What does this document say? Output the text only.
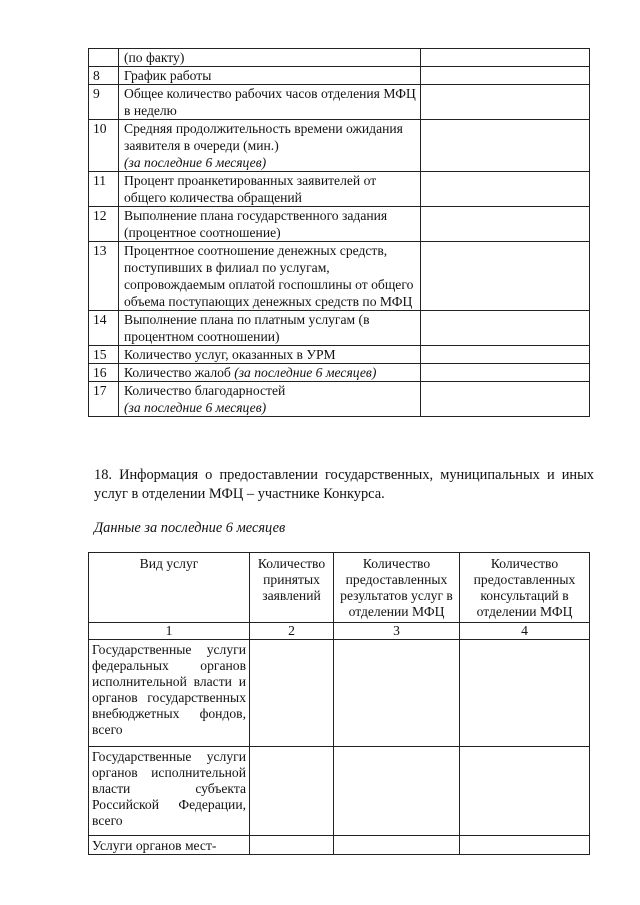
	(по факту)	
8	График работы	
9	Общее количество рабочих часов отделения МФЦ в неделю	
10	Средняя продолжительность времени ожидания заявителя в очереди (мин.)
(за последние 6 месяцев)	

11	Процент проанкетированных заявителей от общего количества обращений	
12	Выполнение плана государственного задания (процентное соотношение)	
13	Процентное соотношение денежных средств, поступивших в филиал по услугам, сопровождаемым оплатой госпошлины от общего объема поступающих денежных средств по МФЦ	
14	Выполнение плана по платным услугам (в процентном соотношении)	
15	Количество услуг, оказанных в УРМ	
16	Количество жалоб (за последние 6 месяцев)	
17	Количество благодарностей
(за последние 6 месяцев)	

18. Информация о предоставлении государственных, муниципальных и иных
услуг в отделении МФЦ – участнике Конкурса.

Данные за последние 6 месяцев

Вид услуг	Количество принятых заявлений	Количество предоставленных результатов услуг в отделении МФЦ	Количество предоставленных консультаций в отделении МФЦ
1	2	3	4
Государственные услуги федеральных органов исполнительной власти и органов государственных внебюджетных фондов, всего			
Государственные услуги органов исполнительной власти субъекта Российской Федерации, всего			
Услуги органов мест-			
